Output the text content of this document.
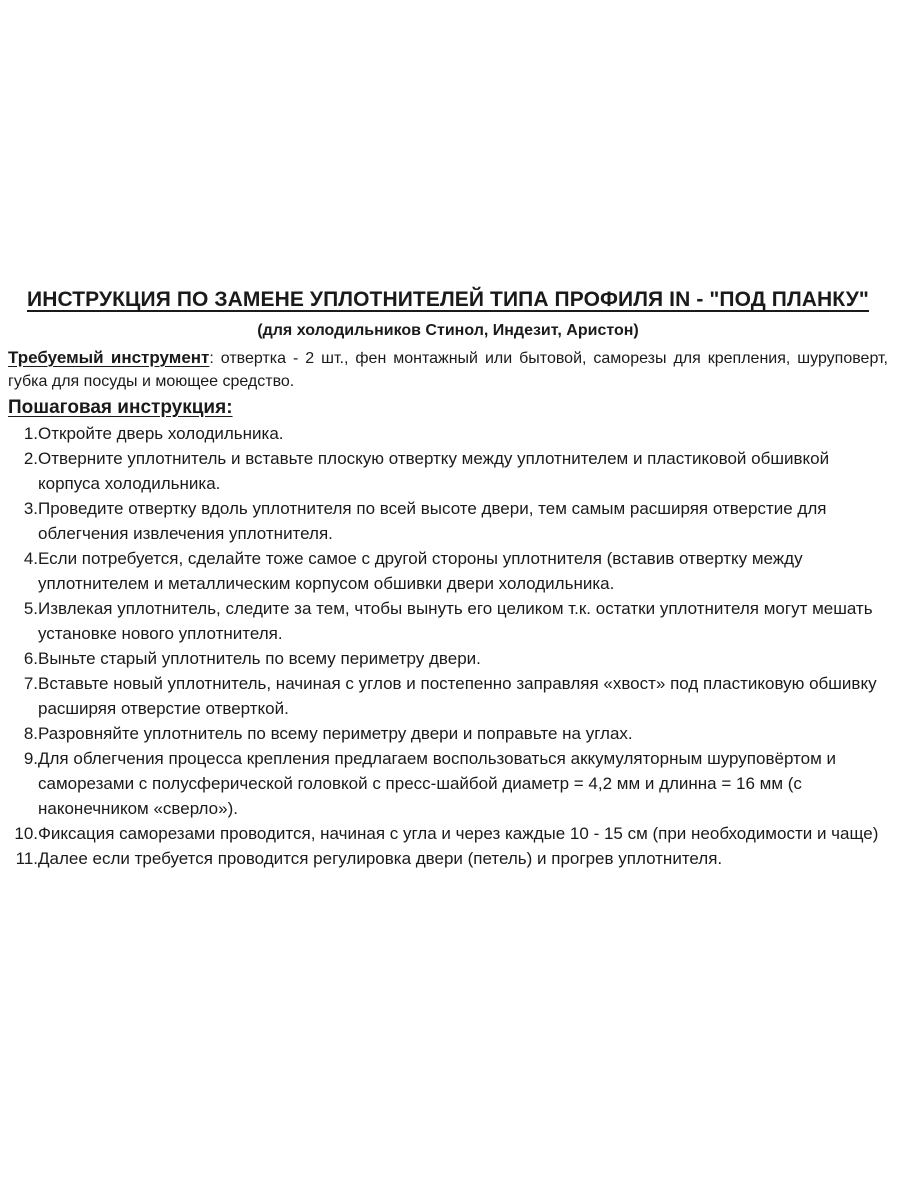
ИНСТРУКЦИЯ ПО ЗАМЕНЕ УПЛОТНИТЕЛЕЙ ТИПА ПРОФИЛЯ IN - "ПОД ПЛАНКУ"
(для холодильников Стинол, Индезит, Аристон)

Требуемый инструмент: отвертка - 2 шт., фен монтажный или бытовой, саморезы для крепления, шуруповерт, губка для посуды и моющее средство.

Пошаговая инструкция:
1. Откройте дверь холодильника.
2. Отверните уплотнитель и вставьте плоскую отвертку между уплотнителем и пластиковой обшивкой корпуса холодильника.
3. Проведите отвертку вдоль уплотнителя по всей высоте двери, тем самым расширяя отверстие для облегчения извлечения уплотнителя.
4. Если потребуется, сделайте тоже самое с другой стороны уплотнителя (вставив отвертку между уплотнителем и металлическим корпусом обшивки двери холодильника.
5. Извлекая уплотнитель, следите за тем, чтобы вынуть его целиком т.к. остатки уплотнителя могут мешать установке нового уплотнителя.
6. Выньте старый уплотнитель по всему периметру двери.
7. Вставьте новый уплотнитель, начиная с углов и постепенно заправляя «хвост» под пластиковую обшивку расширяя отверстие отверткой.
8. Разровняйте уплотнитель по всему периметру двери и поправьте на углах.
9. Для облегчения процесса крепления предлагаем воспользоваться аккумуляторным шуруповёртом и саморезами с полусферической головкой с пресс-шайбой диаметр = 4,2 мм и длинна = 16 мм (с наконечником «сверло»).
10. Фиксация саморезами проводится, начиная с угла и через каждые 10 - 15 см (при необходимости и чаще)
11. Далее если требуется проводится регулировка двери (петель) и прогрев уплотнителя.
